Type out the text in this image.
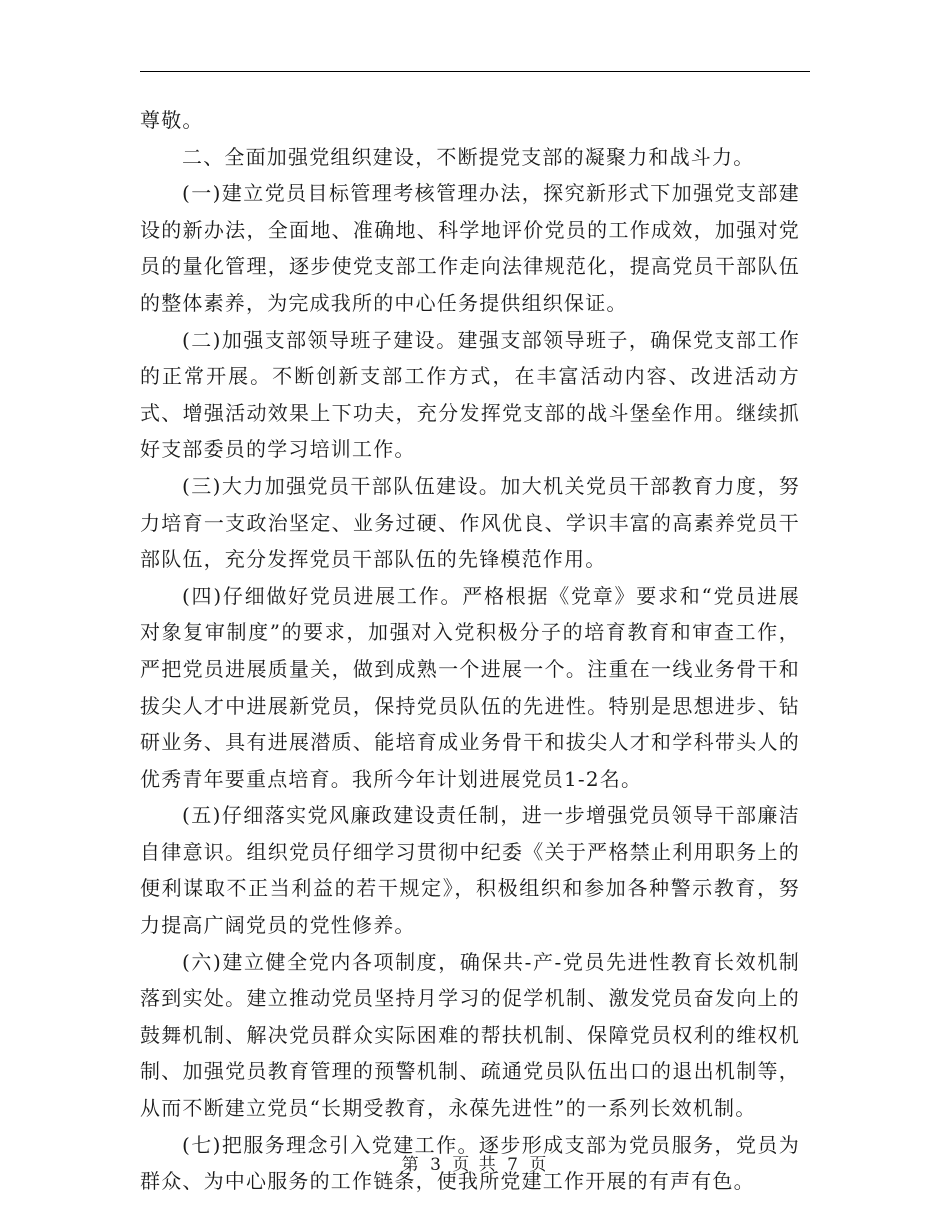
尊敬。

二、全面加强党组织建设，不断提党支部的凝聚力和战斗力。

(一)建立党员目标管理考核管理办法，探究新形式下加强党支部建设的新办法，全面地、准确地、科学地评价党员的工作成效，加强对党员的量化管理，逐步使党支部工作走向法律规范化，提高党员干部队伍的整体素养，为完成我所的中心任务提供组织保证。

(二)加强支部领导班子建设。建强支部领导班子，确保党支部工作的正常开展。不断创新支部工作方式，在丰富活动内容、改进活动方式、增强活动效果上下功夫，充分发挥党支部的战斗堡垒作用。继续抓好支部委员的学习培训工作。

(三)大力加强党员干部队伍建设。加大机关党员干部教育力度，努力培育一支政治坚定、业务过硬、作风优良、学识丰富的高素养党员干部队伍，充分发挥党员干部队伍的先锋模范作用。

(四)仔细做好党员进展工作。严格根据《党章》要求和“党员进展对象复审制度”的要求，加强对入党积极分子的培育教育和审查工作，严把党员进展质量关，做到成熟一个进展一个。注重在一线业务骨干和拔尖人才中进展新党员，保持党员队伍的先进性。特别是思想进步、钻研业务、具有进展潜质、能培育成业务骨干和拔尖人才和学科带头人的优秀青年要重点培育。我所今年计划进展党员1-2名。

(五)仔细落实党风廉政建设责任制，进一步增强党员领导干部廉洁自律意识。组织党员仔细学习贯彻中纪委《关于严格禁止利用职务上的便利谋取不正当利益的若干规定》，积极组织和参加各种警示教育，努力提高广阔党员的党性修养。

(六)建立健全党内各项制度，确保共-产-党员先进性教育长效机制落到实处。建立推动党员坚持月学习的促学机制、激发党员奋发向上的鼓舞机制、解决党员群众实际困难的帮扶机制、保障党员权利的维权机制、加强党员教育管理的预警机制、疏通党员队伍出口的退出机制等，从而不断建立党员“长期受教育，永葆先进性”的一系列长效机制。

(七)把服务理念引入党建工作。逐步形成支部为党员服务，党员为群众、为中心服务的工作链条，使我所党建工作开展的有声有色。

第 3 页 共 7 页
